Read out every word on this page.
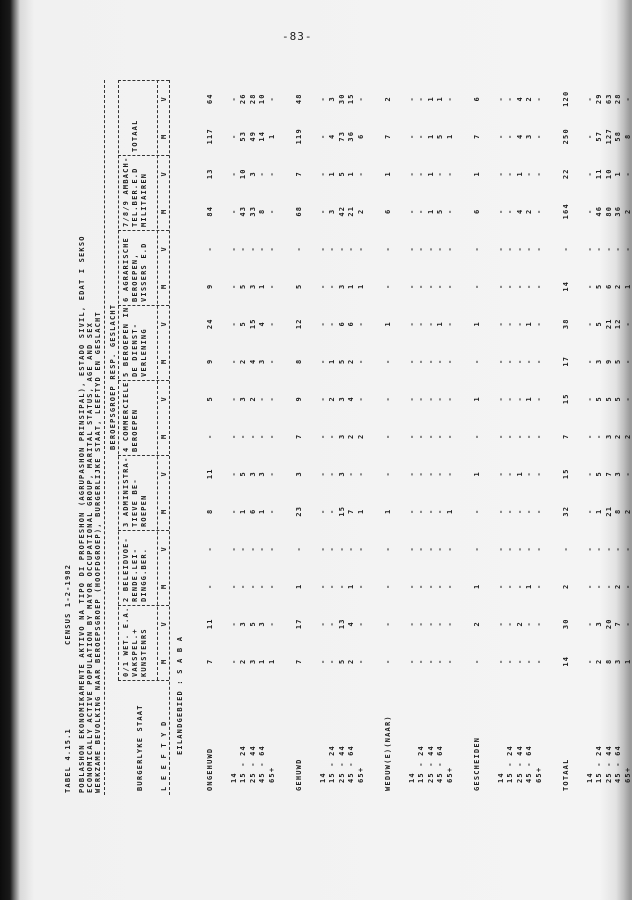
-83-
TABEL 4.15.1
CENSUS 1-2-1982 POBLASHON EKONOMIKAMENTE AKTIVO NA TIPO DI PROFESHON (AGRUPASHON PRINSIPAL), ESTADO SIVIL, EDAT I SEKSO ECONOMICALLY ACTIVE POPULATION BY MAYOR OCCUPATIONAL GROUP, MARITAL STATUS, AGE AND SEX WERKZAME BEVOLKING NAAR BEROEPSGROEP (HOOFDGROEP), BURGERLIJKE STAAT, LEEFTYD EN GESLACHT BEROEPSGROEP RESP. GESLACHT
BURGERLYKE STAAT L E E F T Y D
0/1 WET. E.A. VAKSPEL.+ KUNSTENRS M
V
2 BELEIDVOE- RENDE.LEI- DINGG.BER. M
V
3 ADMINISTRA- TIEVE BE- ROEPEN M
V
4 COMMERCIELE BEROEPEN	M
V
5 BEROEPEN IN DE DIENST- VERLENING M
V
6 AGRARISCHE BEROEPEN, VISSERS E.D M
V
7/8/9 AMBACH- TEL.BER.E.D MILITAIREN M
V
TOTAAL	M
V
EILANDGEBIED : S A B A
ONGEHUWD
7
11
-
-
8
11
-
5
9
24
9
-
84
13
117
64
14
-
-
-
-
-
-
-
-
-
-
-
-
-
-
-
-
15 - 24
2
3
-
-
1
5
-
3
2
5
5
-
43
10
53
26
25 - 44
3
5
-
-
6
3
-
2
4
15
3
-
33
3
49
28
45 - 64
1
3
-
-
1
3
-
-
3
4
1
-
8
-
14
10
65+
1
-
-
-
-
-
-
-
-
-
-
-
-
-
1
-
GEHUWD
7
17
1
-
23
3
7
9
8
12
5
-
68
7
119
48
14
-
-
-
-
-
-
-
-
-
-
-
-
-
-
-
-
15 - 24
-
-
-
-
-
-
-
2
1
-
-
-
3
1
4
3
25 - 44
5
13
-
-
15
3
3
3
5
6
3
-
42
5
73
30
45 - 64
2
4
1
-
7
-
2
4
2
6
1
-
21
1
36
15
65+
-
-
-
-
1
-
2
-
-
-
1
-
2
-
6
-
WEDUW(E)(NAAR)
-
-
-
-
1
-
-
-
-
1
-
-
6
1
7
2
14
-
-
-
-
-
-
-
-
-
-
-
-
-
-
-
-
15 - 24
-
-
-
-
-
-
-
-
-
-
-
-
-
-
-
-
25 - 44
-
-
-
-
-
-
-
-
-
-
-
-
1
1
1
1
45 - 64
-
-
-
-
-
-
-
-
-
1
-
-
5
-
5
1
65+
-
-
-
-
1
-
-
-
-
-
-
-
-
-
1
-
GESCHEIDEN
-
2
1
-
-
1
-
1
-
1
-
-
6
1
7
6
14
-
-
-
-
-
-
-
-
-
-
-
-
-
-
-
-
15 - 24
-
-
-
-
-
-
-
-
-
-
-
-
-
-
-
-
25 - 44
-
2
-
-
-
1
-
-
-
-
-
-
4
1
4
4
45 - 64
-
-
1
-
-
-
-
1
-
1
-
-
2
-
3
2
65+
-
-
-
-
-
-
-
-
-
-
-
-
-
-
-
-
TOTAAL
14
30
2
-
32
15
7
15
17
38
14
-
164
22
250
120
14
-
-
-
-
-
-
-
-
-
-
-
-
-
-
-
-
15 - 24
2
3
-
-
1
5
-
5
3
5
5
-
46
11
57
29
25 - 44
8
20
-
-
21
7
3
5
9
21
6
-
80
10
127
63
45 - 64
3
7
2
-
8
3
2
5
5
12
2
-
36
1
58
28
65+
1
-
-
-
2
-
2
-
-
-
1
-
2
-
8
-
